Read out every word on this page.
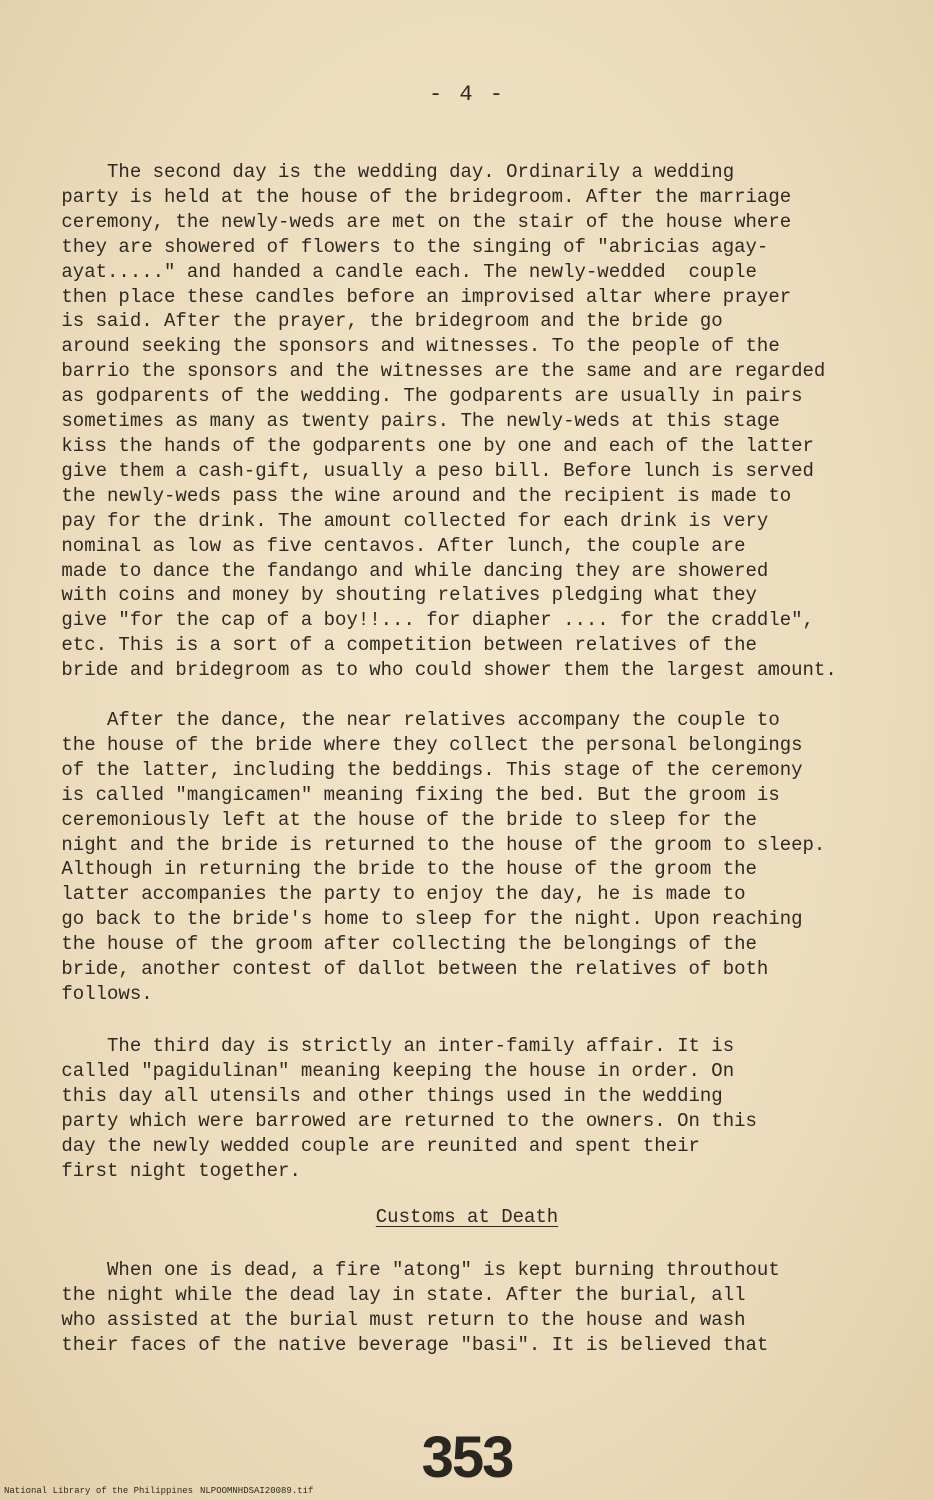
- 4 -

The second day is the wedding day. Ordinarily a wedding
party is held at the house of the bridegroom. After the marriage
ceremony, the newly-weds are met on the stair of the house where
they are showered of flowers to the singing of "abricias agay-
ayat....." and handed a candle each. The newly-wedded  couple
then place these candles before an improvised altar where prayer
is said. After the prayer, the bridegroom and the bride go
around seeking the sponsors and witnesses. To the people of the
barrio the sponsors and the witnesses are the same and are regarded
as godparents of the wedding. The godparents are usually in pairs
sometimes as many as twenty pairs. The newly-weds at this stage
kiss the hands of the godparents one by one and each of the latter
give them a cash-gift, usually a peso bill. Before lunch is served
the newly-weds pass the wine around and the recipient is made to
pay for the drink. The amount collected for each drink is very
nominal as low as five centavos. After lunch, the couple are
made to dance the fandango and while dancing they are showered
with coins and money by shouting relatives pledging what they
give "for the cap of a boy!!... for diapher .... for the craddle",
etc. This is a sort of a competition between relatives of the
bride and bridegroom as to who could shower them the largest amount.

After the dance, the near relatives accompany the couple to
the house of the bride where they collect the personal belongings
of the latter, including the beddings. This stage of the ceremony
is called "mangicamen" meaning fixing the bed. But the groom is
ceremoniously left at the house of the bride to sleep for the
night and the bride is returned to the house of the groom to sleep.
Although in returning the bride to the house of the groom the
latter accompanies the party to enjoy the day, he is made to
go back to the bride's home to sleep for the night. Upon reaching
the house of the groom after collecting the belongings of the
bride, another contest of dallot between the relatives of both
follows.

The third day is strictly an inter-family affair. It is
called "pagidulinan" meaning keeping the house in order. On
this day all utensils and other things used in the wedding
party which were barrowed are returned to the owners. On this
day the newly wedded couple are reunited and spent their
first night together.

Customs at Death

When one is dead, a fire "atong" is kept burning throuthout
the night while the dead lay in state. After the burial, all
who assisted at the burial must return to the house and wash
their faces of the native beverage "basi". It is believed that

353
National Library of the Philippines NLPOOMNHDSAI20089.tif
